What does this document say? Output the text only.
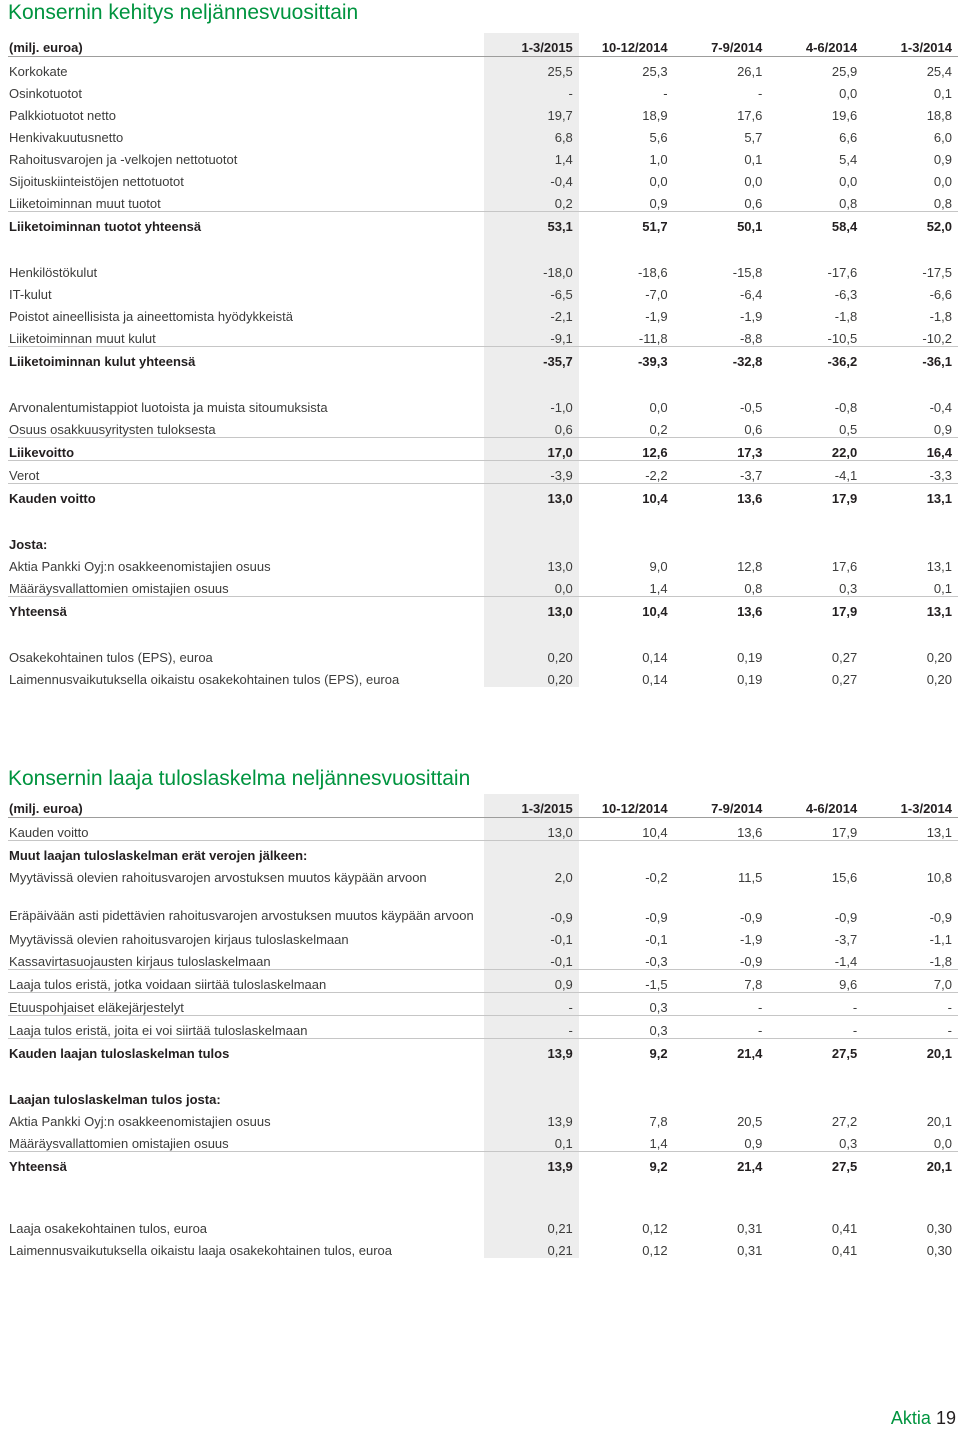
Konsernin kehitys neljännesvuosittain
(milj. euroa)	1-3/2015	10-12/2014	7-9/2014	4-6/2014	1-3/2014
Korkokate	25,5	25,3	26,1	25,9	25,4
Osinkotuotot	-	-	-	0,0	0,1
Palkkiotuotot netto	19,7	18,9	17,6	19,6	18,8
Henkivakuutusnetto	6,8	5,6	5,7	6,6	6,0
Rahoitusvarojen ja -velkojen nettotuotot	1,4	1,0	0,1	5,4	0,9
Sijoituskiinteistöjen nettotuotot	-0,4	0,0	0,0	0,0	0,0
Liiketoiminnan muut tuotot	0,2	0,9	0,6	0,8	0,8
Liiketoiminnan tuotot yhteensä	53,1	51,7	50,1	58,4	52,0

Henkilöstökulut	-18,0	-18,6	-15,8	-17,6	-17,5
IT-kulut	-6,5	-7,0	-6,4	-6,3	-6,6
Poistot aineellisista ja aineettomista hyödykkeistä	-2,1	-1,9	-1,9	-1,8	-1,8
Liiketoiminnan muut kulut	-9,1	-11,8	-8,8	-10,5	-10,2
Liiketoiminnan kulut yhteensä	-35,7	-39,3	-32,8	-36,2	-36,1

Arvonalentumistappiot luotoista ja muista sitoumuksista	-1,0	0,0	-0,5	-0,8	-0,4
Osuus osakkuusyritysten tuloksesta	0,6	0,2	0,6	0,5	0,9
Liikevoitto	17,0	12,6	17,3	22,0	16,4
Verot	-3,9	-2,2	-3,7	-4,1	-3,3
Kauden voitto	13,0	10,4	13,6	17,9	13,1

Josta:					
Aktia Pankki Oyj:n osakkeenomistajien osuus	13,0	9,0	12,8	17,6	13,1
Määräysvallattomien omistajien osuus	0,0	1,4	0,8	0,3	0,1
Yhteensä	13,0	10,4	13,6	17,9	13,1

Osakekohtainen tulos (EPS), euroa	0,20	0,14	0,19	0,27	0,20
Laimennusvaikutuksella oikaistu osakekohtainen tulos (EPS), euroa	0,20	0,14	0,19	0,27	0,20
Konsernin laaja tuloslaskelma neljännesvuosittain
(milj. euroa)	1-3/2015	10-12/2014	7-9/2014	4-6/2014	1-3/2014
Kauden voitto	13,0	10,4	13,6	17,9	13,1
Muut laajan tuloslaskelman erät verojen jälkeen:					
Myytävissä olevien rahoitusvarojen arvostuksen muutos käypään arvoon	2,0	-0,2	11,5	15,6	10,8
Eräpäivään asti pidettävien rahoitusvarojen arvostuksen muutos käypään arvoon	-0,9	-0,9	-0,9	-0,9	-0,9
Myytävissä olevien rahoitusvarojen kirjaus tuloslaskelmaan	-0,1	-0,1	-1,9	-3,7	-1,1
Kassavirtasuojausten kirjaus tuloslaskelmaan	-0,1	-0,3	-0,9	-1,4	-1,8
Laaja tulos eristä, jotka voidaan siirtää tuloslaskelmaan	0,9	-1,5	7,8	9,6	7,0
Etuuspohjaiset eläkejärjestelyt	-	0,3	-	-	-
Laaja tulos eristä, joita ei voi siirtää tuloslaskelmaan	-	0,3	-	-	-
Kauden laajan tuloslaskelman tulos	13,9	9,2	21,4	27,5	20,1

Laajan tuloslaskelman tulos josta:					
Aktia Pankki Oyj:n osakkeenomistajien osuus	13,9	7,8	20,5	27,2	20,1
Määräysvallattomien omistajien osuus	0,1	1,4	0,9	0,3	0,0
Yhteensä	13,9	9,2	21,4	27,5	20,1

Laaja osakekohtainen tulos, euroa	0,21	0,12	0,31	0,41	0,30
Laimennusvaikutuksella oikaistu laaja osakekohtainen tulos, euroa	0,21	0,12	0,31	0,41	0,30
Aktia 19
